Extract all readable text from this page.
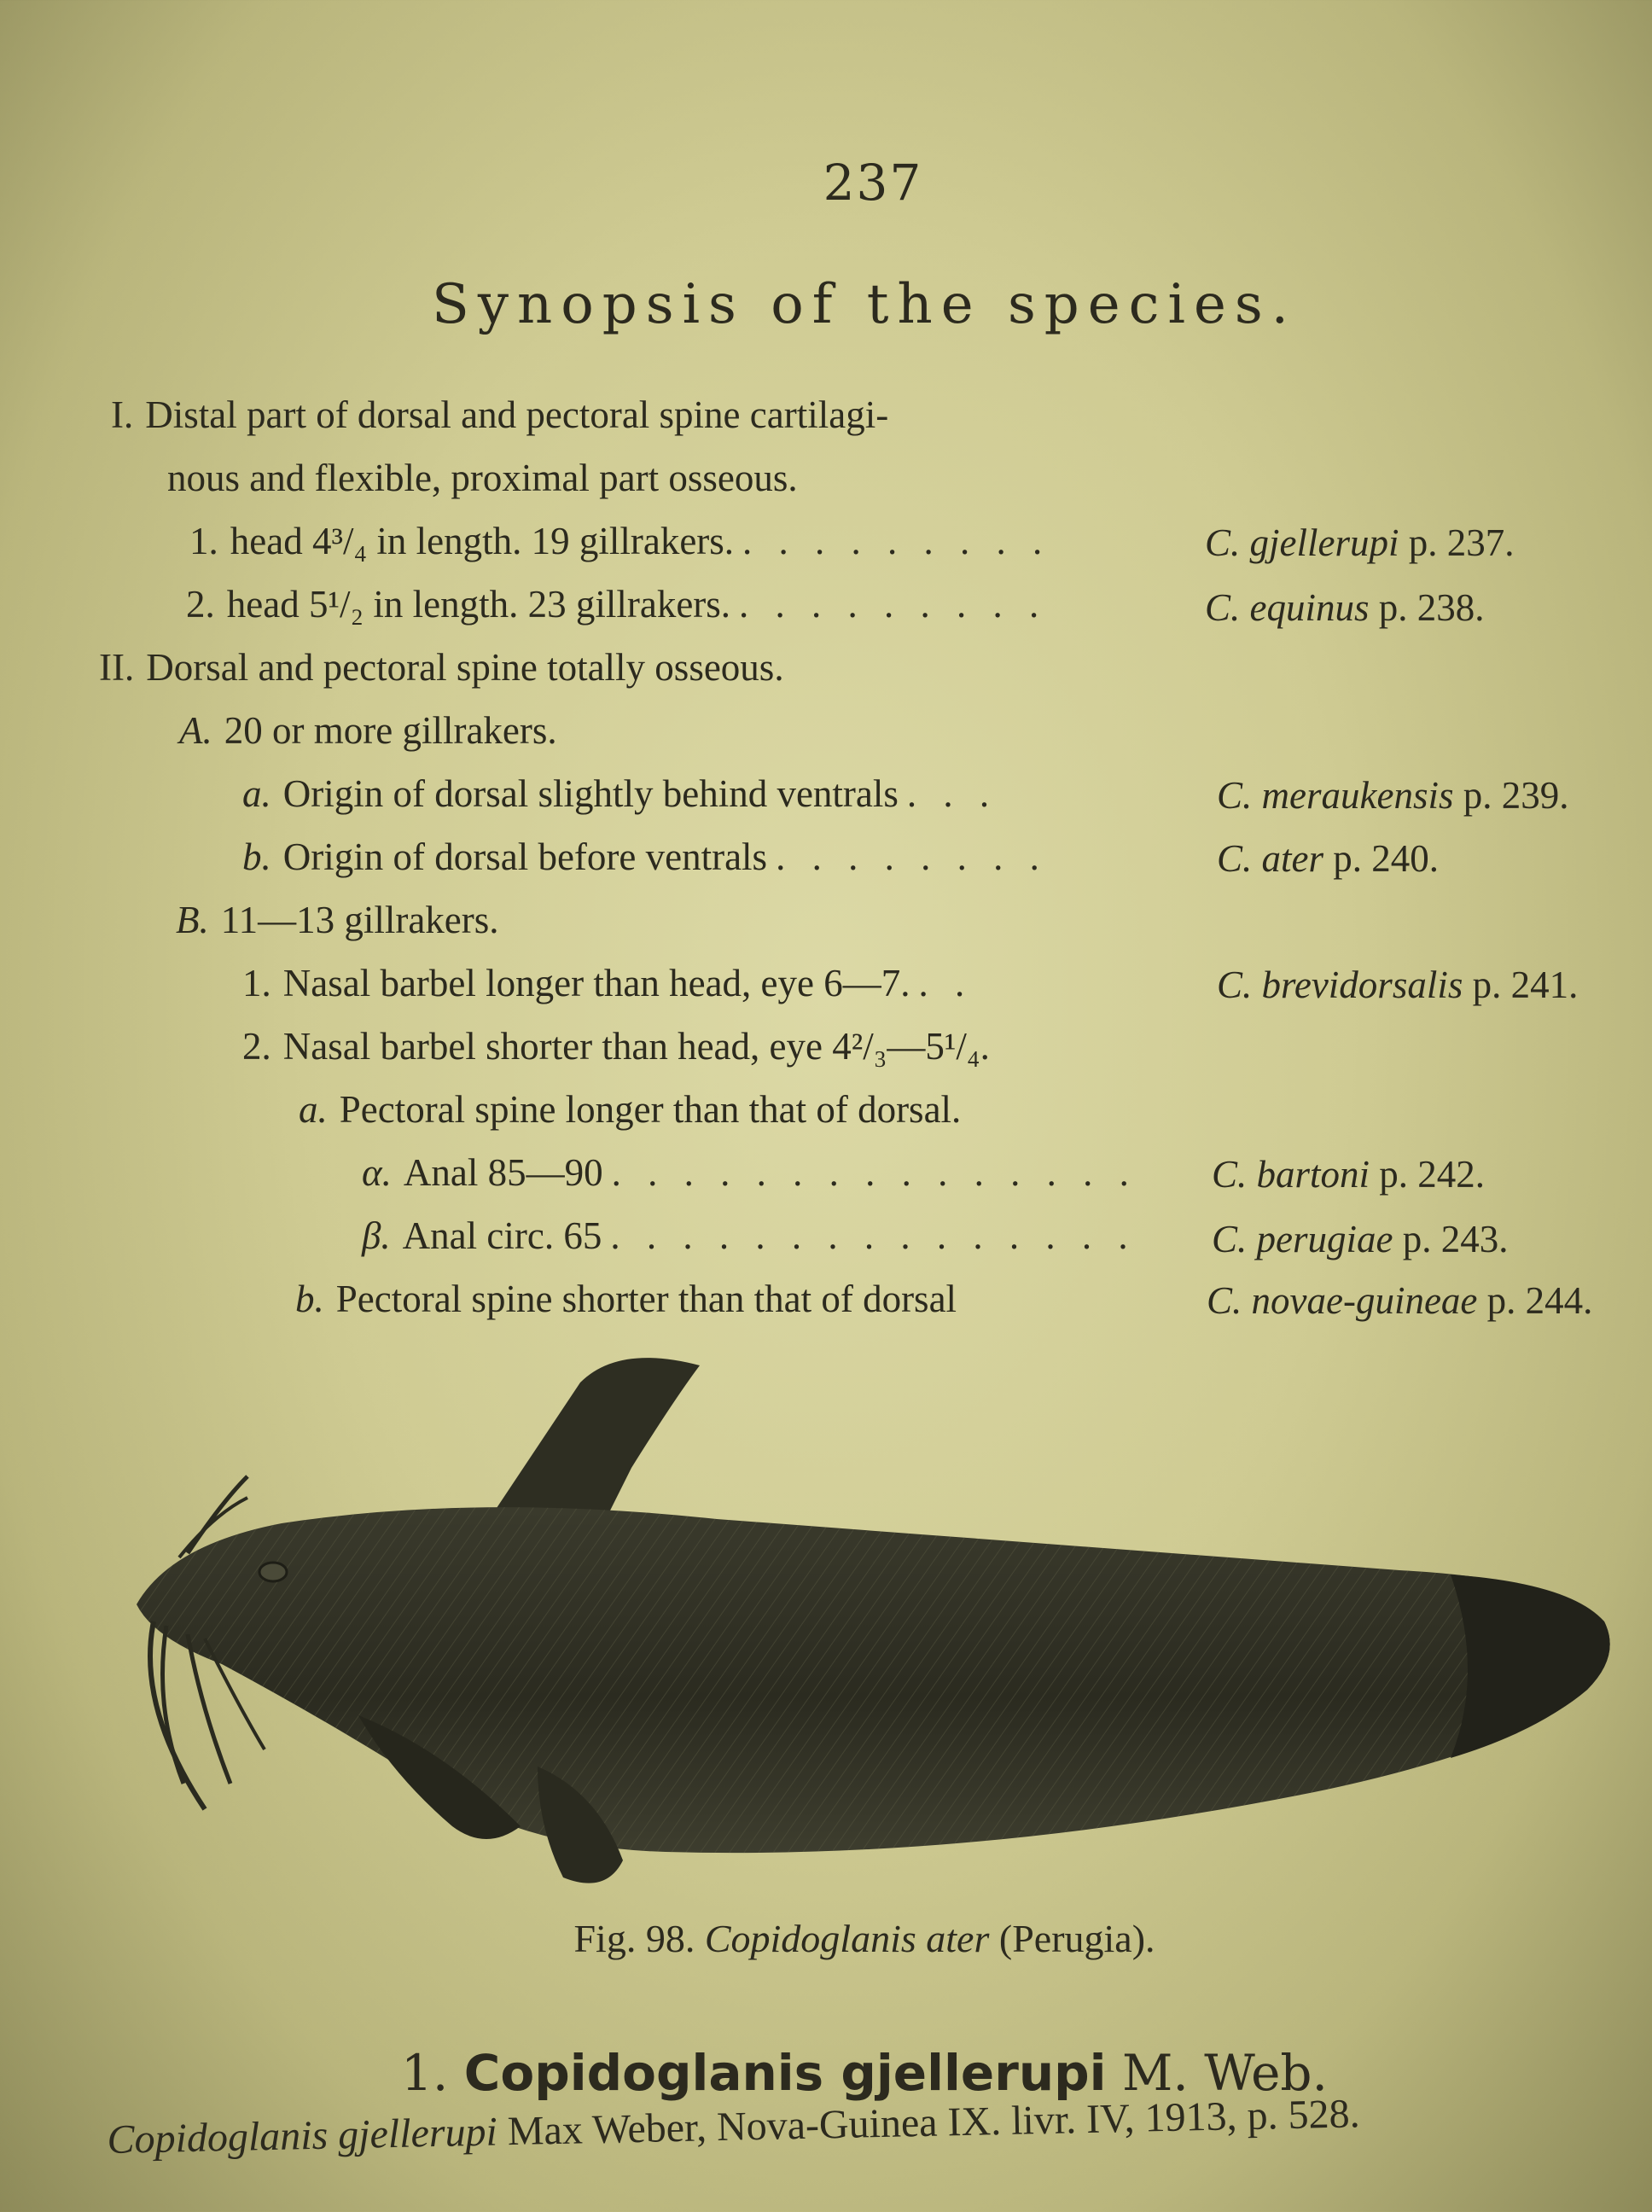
237
Synopsis of the species.
I. Distal part of dorsal and pectoral spine cartilagi-
nous and flexible, proximal part osseous.
1. head 4³/₄ in length. 19 gillrakers. . . . . . . . . .	C. gjellerupi p. 237.
2. head 5¹/₂ in length. 23 gillrakers. . . . . . . . . .	C. equinus p. 238.
II. Dorsal and pectoral spine totally osseous.
A. 20 or more gillrakers.
a. Origin of dorsal slightly behind ventrals . . .	C. meraukensis p. 239.
b. Origin of dorsal before ventrals . . . . . . . .	C. ater p. 240.
B. 11—13 gillrakers.
1. Nasal barbel longer than head, eye 6—7. . .	C. brevidorsalis p. 241.
2. Nasal barbel shorter than head, eye 4²/₃—5¹/₄.
a. Pectoral spine longer than that of dorsal.
α. Anal 85—90 . . . . . . . . . . . . . . . C. bartoni p. 242.
β. Anal circ. 65 . . . . . . . . . . . . . . . C. perugiae p. 243.
b. Pectoral spine shorter than that of dorsal	C. novae-guineae p. 244.
Fig. 98. Copidoglanis ater (Perugia).
1. Copidoglanis gjellerupi M. Web.
Copidoglanis gjellerupi Max Weber, Nova-Guinea IX. livr. IV, 1913, p. 528.
